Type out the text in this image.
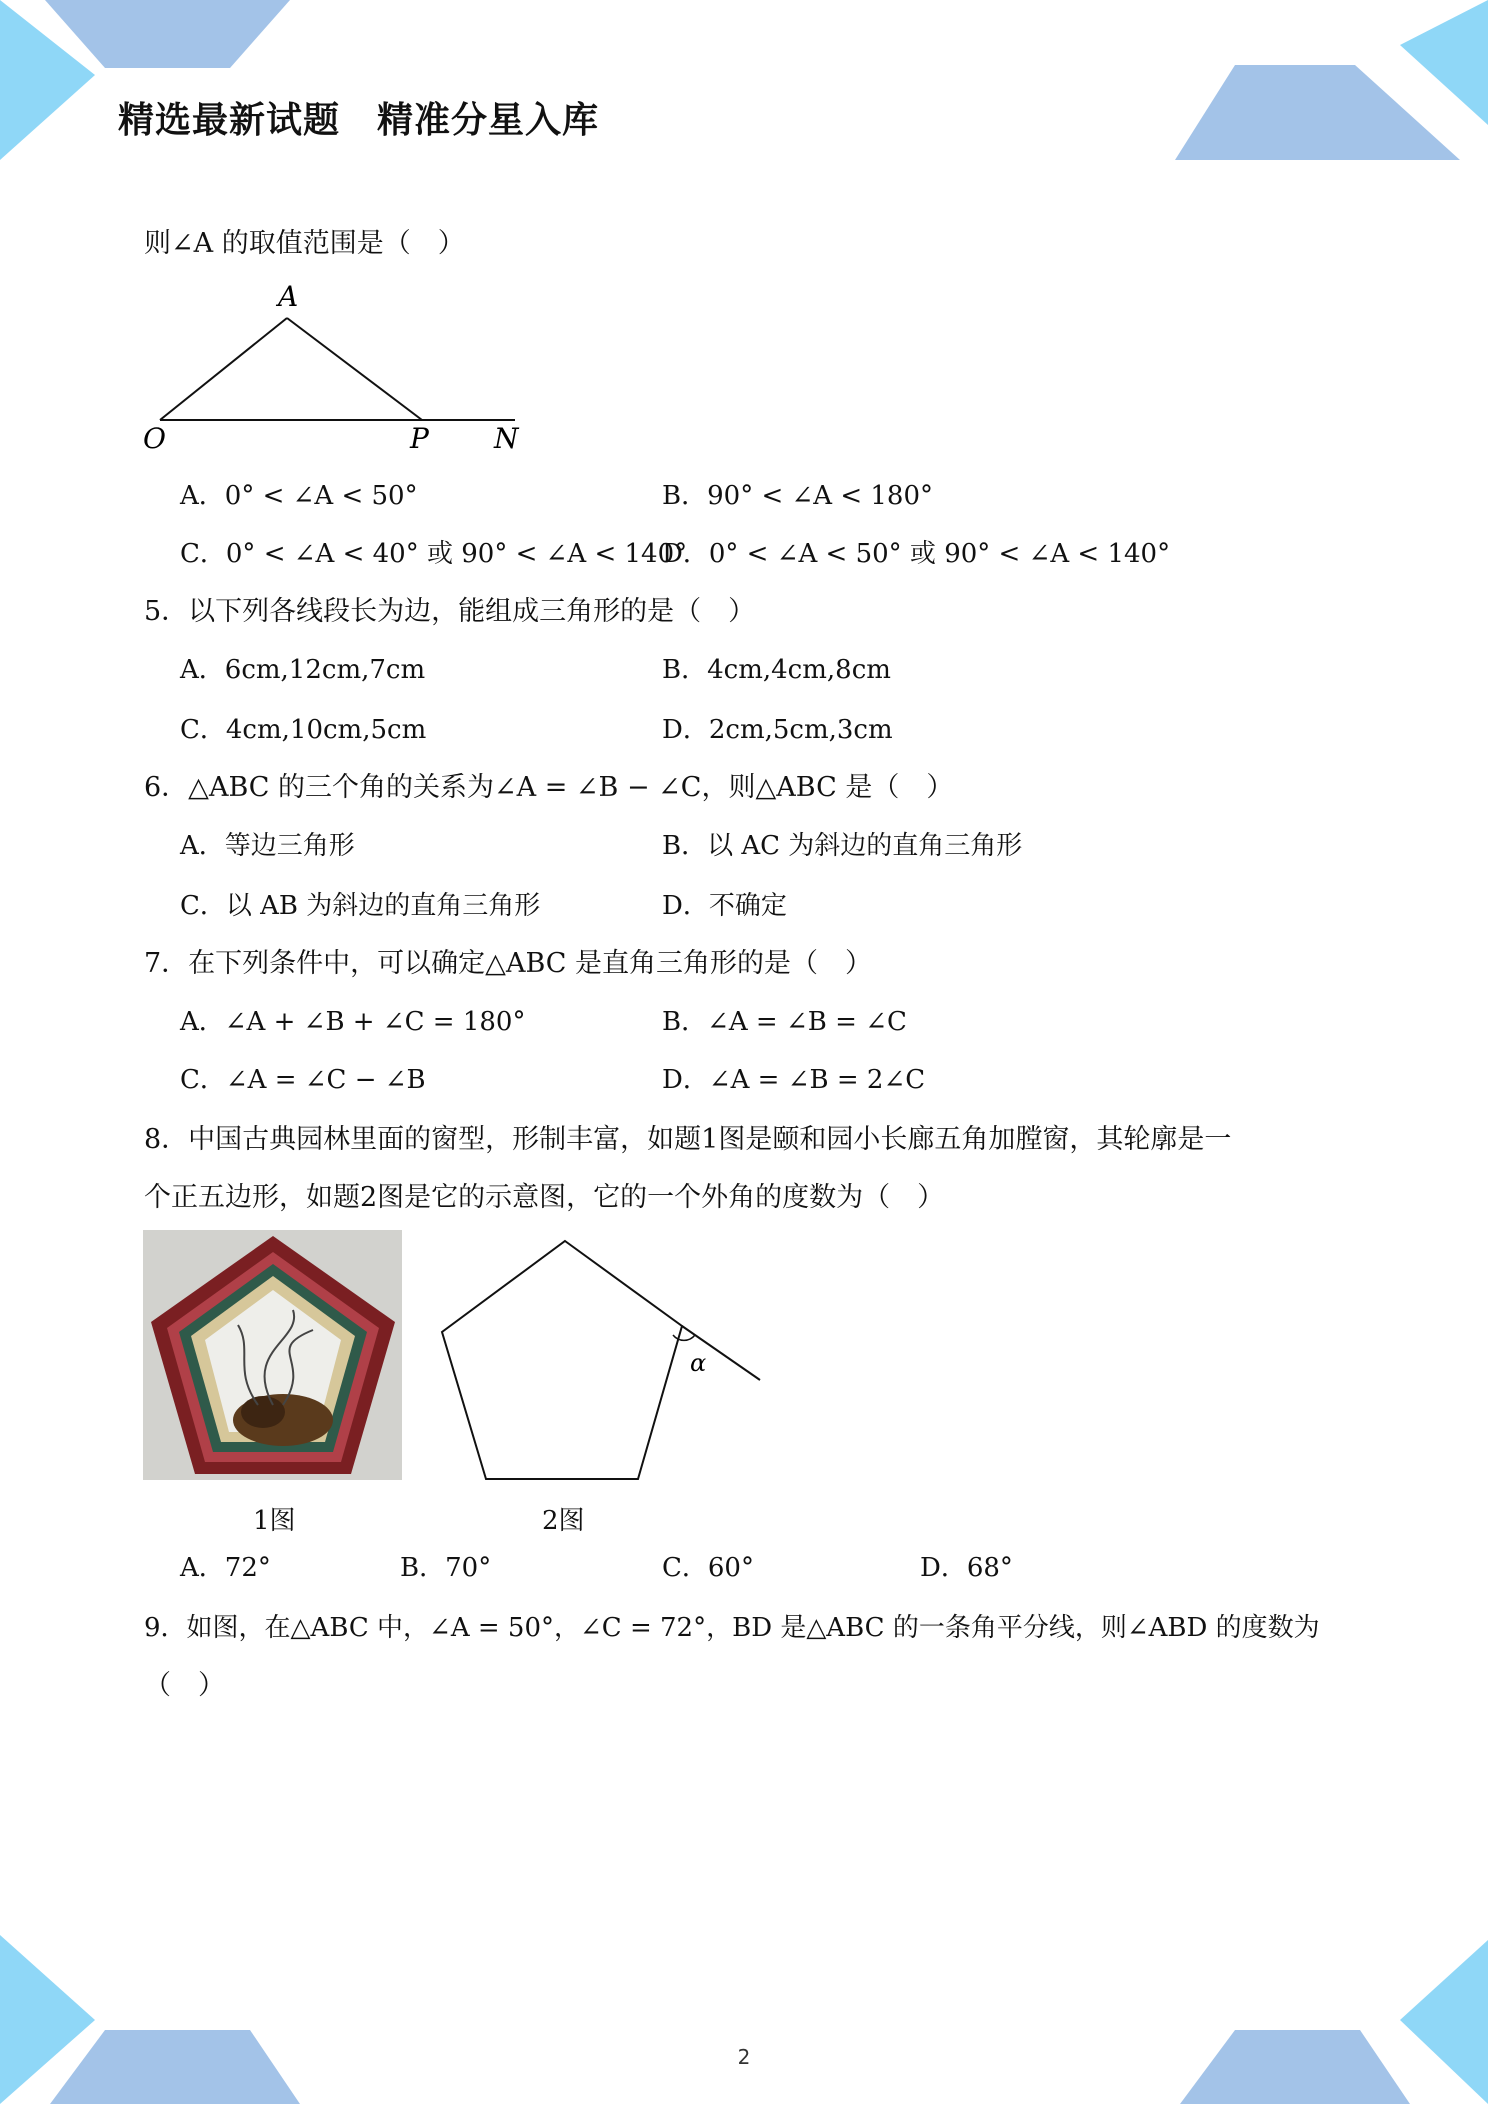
精选最新试题　精准分星入库
则∠A 的取值范围是（　）
A
O	P N
A．0° < ∠A < 50°	B．90° < ∠A < 180°
C．0° < ∠A < 40° 或 90° < ∠A < 140°
D．0° < ∠A < 50° 或 90° < ∠A < 140°
5．以下列各线段长为边，能组成三角形的是（　）
A．6cm,12cm,7cm	B．4cm,4cm,8cm
C．4cm,10cm,5cm	D．2cm,5cm,3cm
6．△ABC 的三个角的关系为∠A = ∠B − ∠C，则△ABC 是（　）
A．等边三角形	B．以 AC 为斜边的直角三角形
C．以 AB 为斜边的直角三角形	D．不确定
7．在下列条件中，可以确定△ABC 是直角三角形的是（　）
A．∠A + ∠B + ∠C = 180°	B．∠A = ∠B = ∠C
C．∠A = ∠C − ∠B	D．∠A = ∠B = 2∠C
8．中国古典园林里面的窗型，形制丰富，如题1图是颐和园小长廊五角加膛窗，其轮廓是一
个正五边形，如题2图是它的示意图，它的一个外角的度数为（　）
α
1图	2图
A．72°	B．70°	C．60°	D．68°
9．如图，在△ABC 中，∠A = 50°，∠C = 72°，BD 是△ABC 的一条角平分线，则∠ABD 的度数为
（　）
2
